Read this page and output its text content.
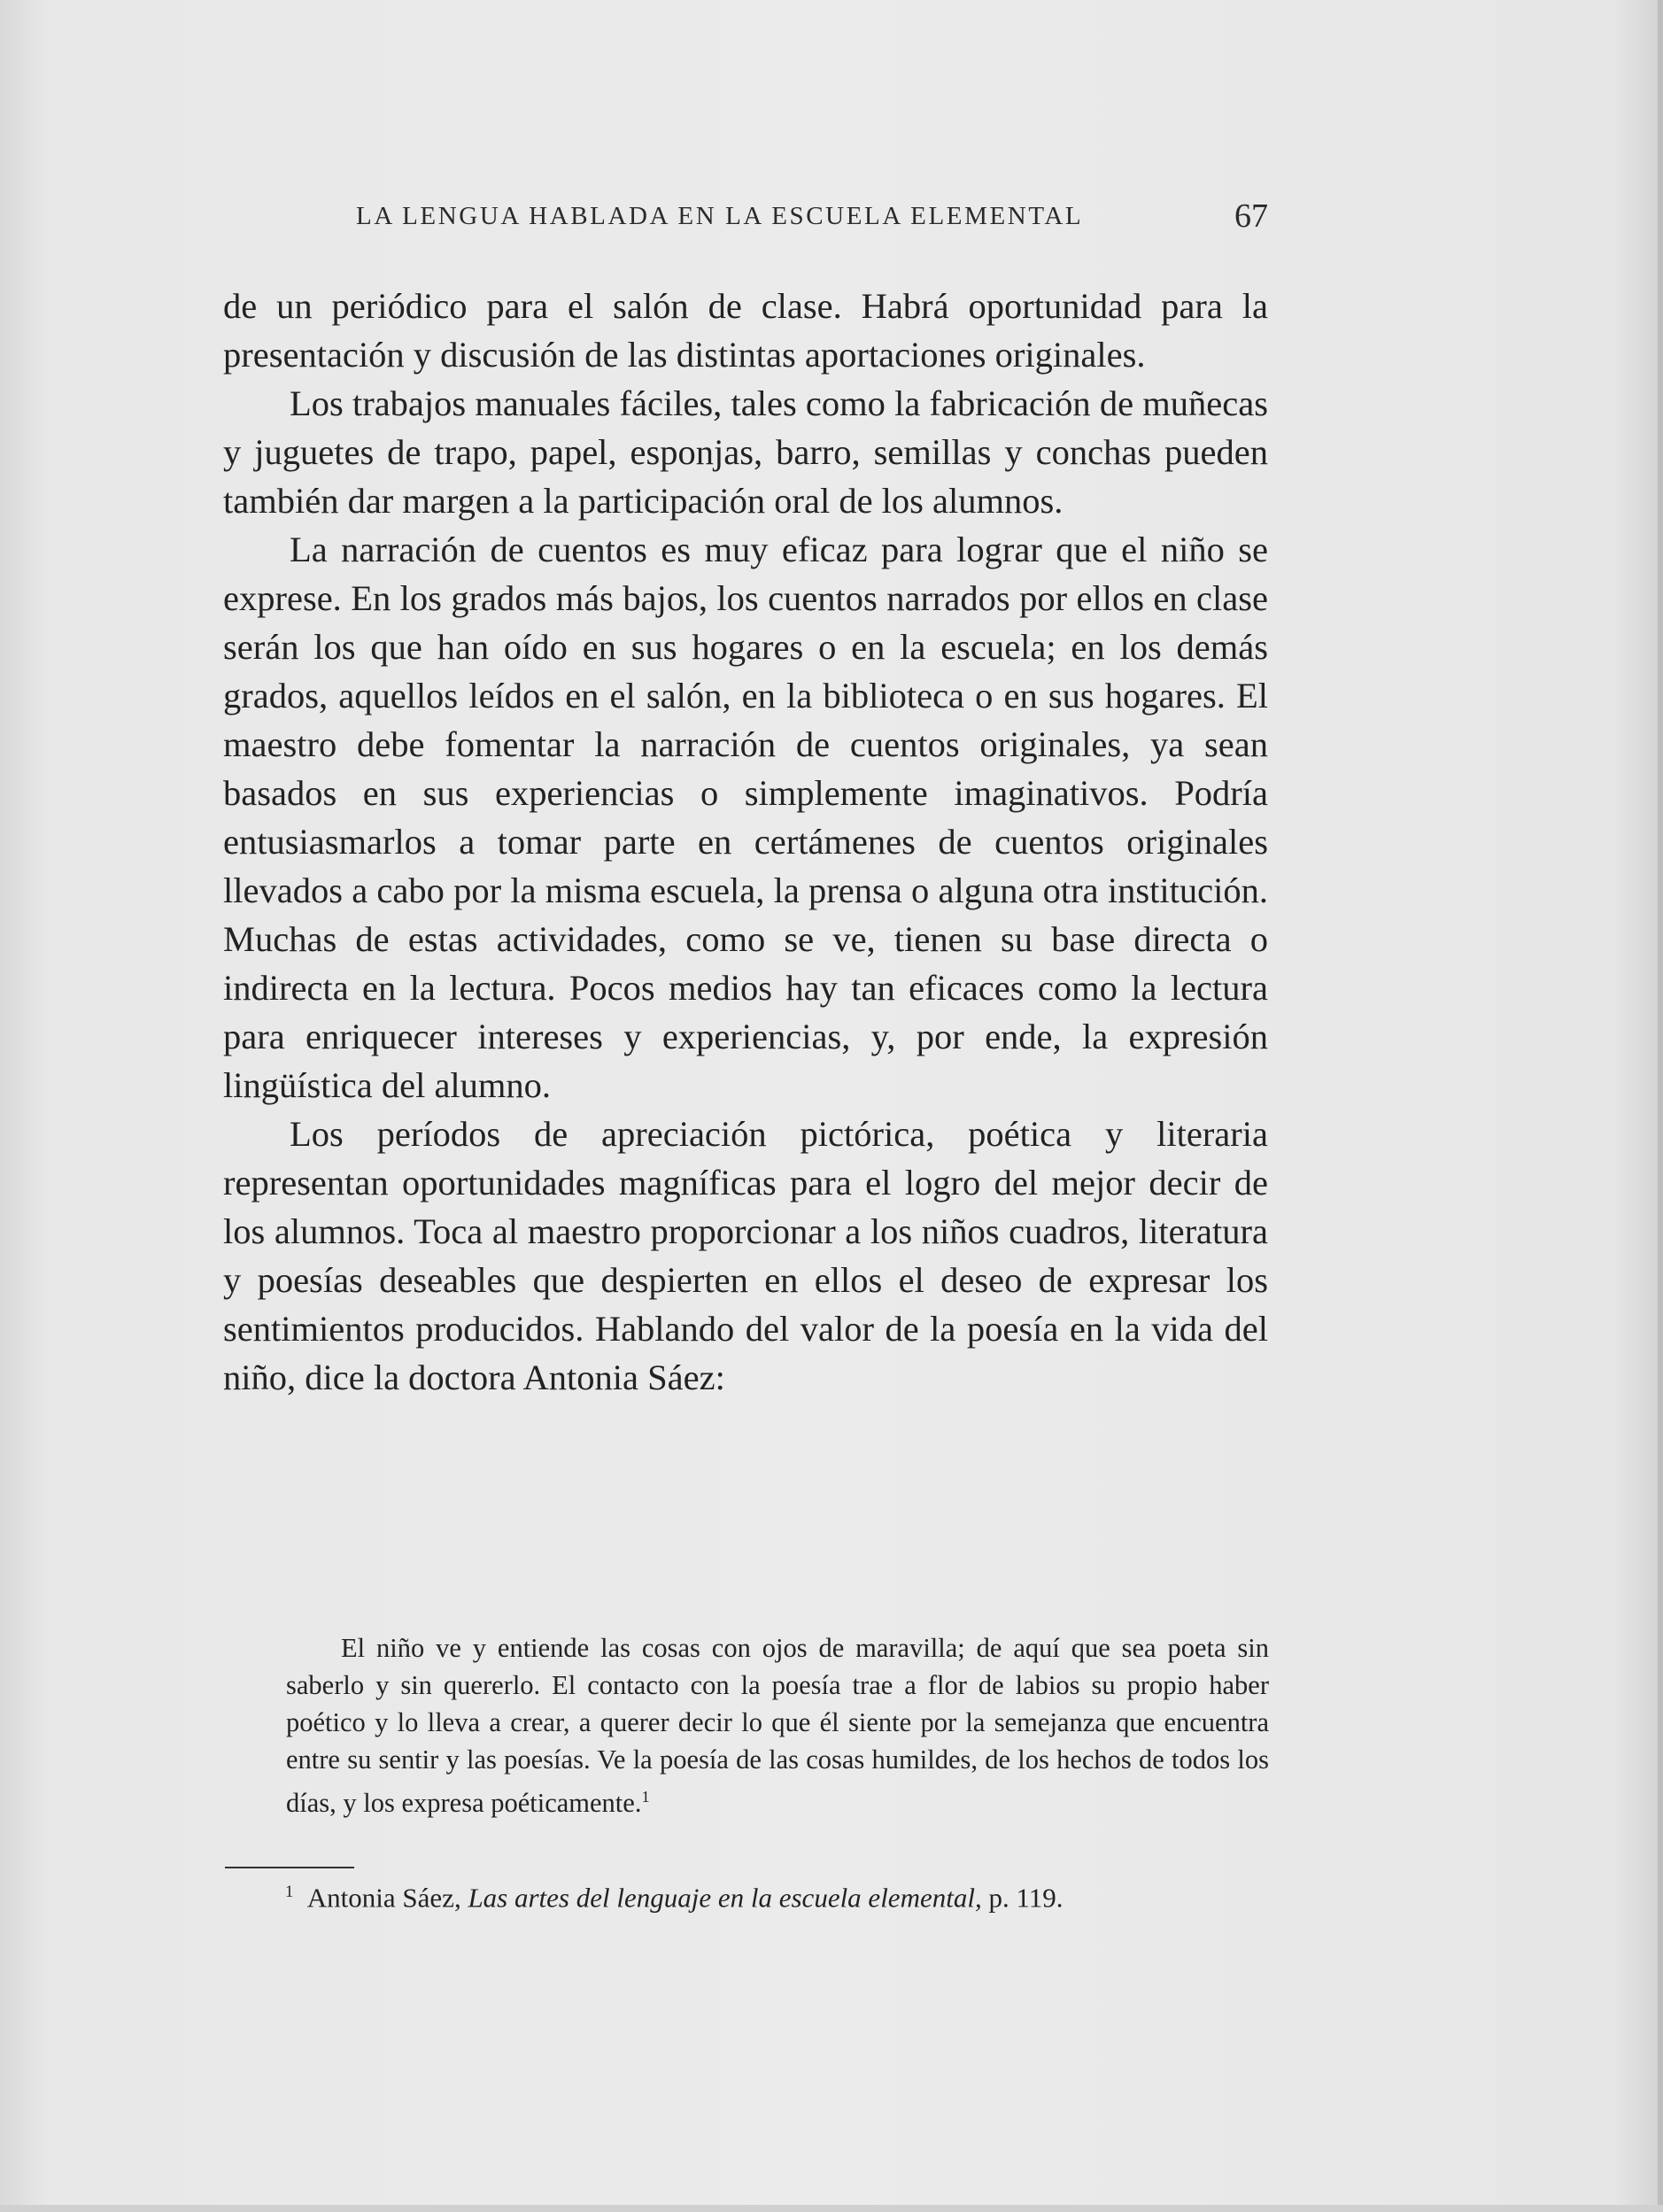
LA LENGUA HABLADA EN LA ESCUELA ELEMENTAL	67

de un periódico para el salón de clase. Habrá oportunidad para la presentación y discusión de las distintas aportaciones originales.

Los trabajos manuales fáciles, tales como la fabricación de muñecas y juguetes de trapo, papel, esponjas, barro, semillas y conchas pueden también dar margen a la participación oral de los alumnos.

La narración de cuentos es muy eficaz para lograr que el niño se exprese. En los grados más bajos, los cuentos narrados por ellos en clase serán los que han oído en sus hogares o en la escuela; en los demás grados, aquellos leídos en el salón, en la biblioteca o en sus hogares. El maestro debe fomentar la narración de cuentos originales, ya sean basados en sus experiencias o simplemente imaginativos. Podría entusiasmarlos a tomar parte en certámenes de cuentos originales llevados a cabo por la misma escuela, la prensa o alguna otra institución. Muchas de estas actividades, como se ve, tienen su base directa o indirecta en la lectura. Pocos medios hay tan eficaces como la lectura para enriquecer intereses y experiencias, y, por ende, la expresión lingüística del alumno.

Los períodos de apreciación pictórica, poética y literaria representan oportunidades magníficas para el logro del mejor decir de los alumnos. Toca al maestro proporcionar a los niños cuadros, literatura y poesías deseables que despierten en ellos el deseo de expresar los sentimientos producidos. Hablando del valor de la poesía en la vida del niño, dice la doctora Antonia Sáez:

El niño ve y entiende las cosas con ojos de maravilla; de aquí que sea poeta sin saberlo y sin quererlo. El contacto con la poesía trae a flor de labios su propio haber poético y lo lleva a crear, a querer decir lo que él siente por la semejanza que encuentra entre su sentir y las poesías. Ve la poesía de las cosas humildes, de los hechos de todos los días, y los expresa poéticamente.$^1$

$^1$ Antonia Sáez, Las artes del lenguaje en la escuela elemental, p. 119.
